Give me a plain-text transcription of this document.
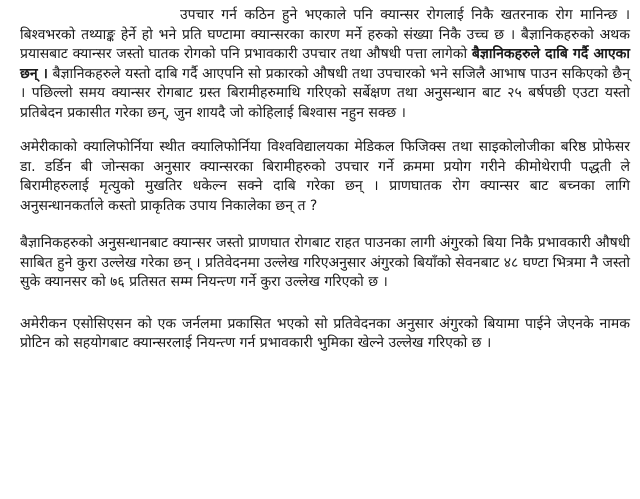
उपचार गर्न कठिन हुने भएकाले पनि क्यान्सर रोगलाई निकै खतरनाक रोग मानिन्छ । बिश्वभरको तथ्याङ्क हेर्ने हो भने प्रति घण्टामा क्यान्सरका कारण मर्ने हरुको संख्या निकै उच्च छ । बैज्ञानिकहरुको अथक प्रयासबाट क्यान्सर जस्तो घातक रोगको पनि प्रभावकारी उपचार तथा औषधी पत्ता लागेको बैज्ञानिकहरुले दाबि गर्दै आएका छन् । बैज्ञानिकहरुले यस्तो दाबि गर्दै आएपनि सो प्रकारको औषधी तथा उपचारको भने सजिलै आभाष पाउन सकिएको छैन् । पछिल्लो समय क्यान्सर रोगबाट ग्रस्त बिरामीहरुमाथि गरिएको सर्बेक्षण तथा अनुसन्धान बाट २५ बर्षपछी एउटा यस्तो प्रतिबेदन प्रकासीत गरेका छन्, जुन शायदै जो कोहिलाई बिश्वास नहुन सक्छ ।

अमेरीकाको क्यालिफोर्निया स्थीत क्यालिफोर्निया विश्वविद्यालयका मेडिकल फिजिक्स तथा साइकोलोजीका बरिष्ठ प्रोफेसर डा. डर्डिन बी जोन्सका अनुसार क्यान्सरका बिरामीहरुको उपचार गर्ने क्रममा प्रयोग गरीने कीमोथेरापी पद्धती ले बिरामीहरुलाई मृत्युको मुखतिर धकेल्न सक्ने दाबि गरेका छन् । प्राणघातक रोग क्यान्सर बाट बच्नका लागि अनुसन्धानकर्ताले कस्तो प्राकृतिक उपाय निकालेका छन् त ?

बैज्ञानिकहरुको अनुसन्धानबाट क्यान्सर जस्तो प्राणघात रोगबाट राहत पाउनका लागी अंगुरको बिया निकै प्रभावकारी औषधी साबित हुने कुरा उल्लेख गरेका छन् । प्रतिवेदनमा उल्लेख गरिएअनुसार अंगुरको बियाँको सेवनबाट ४८ घण्टा भित्रमा नै जस्तो सुके क्यानसर को ७६ प्रतिसत सम्म नियन्त्ण गर्ने कुरा उल्लेख गरिएको छ ।

अमेरीकन एसोसिएसन को एक जर्नलमा प्रकासित भएको सो प्रतिवेदनका अनुसार अंगुरको बियामा पाईने जेएनके नामक प्रोटिन को सहयोगबाट क्यान्सरलाई नियन्त्ण गर्न प्रभावकारी भुमिका खेल्ने उल्लेख गरिएको छ ।
